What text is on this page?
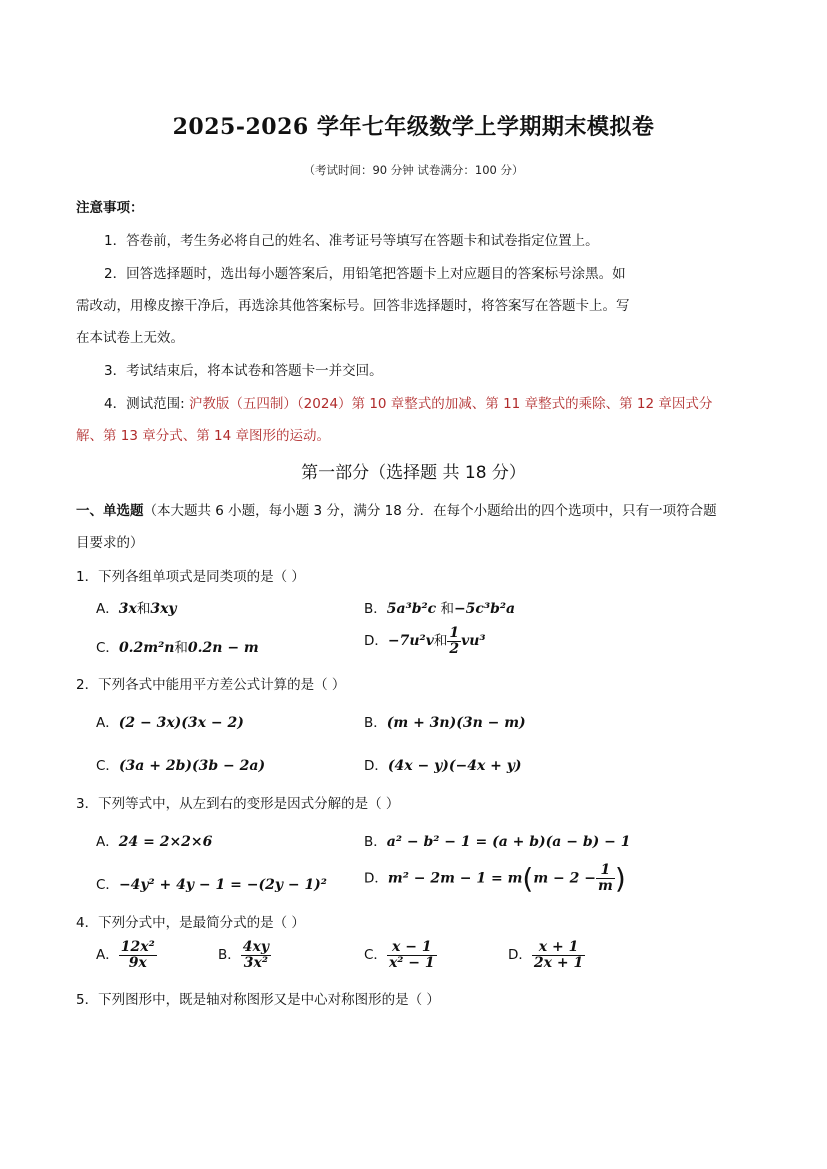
2025-2026 学年七年级数学上学期期末模拟卷
（考试时间：90 分钟 试卷满分：100 分）
注意事项：
1．答卷前，考生务必将自己的姓名、准考证号等填写在答题卡和试卷指定位置上。
2．回答选择题时，选出每小题答案后，用铅笔把答题卡上对应题目的答案标号涂黑。如
需改动，用橡皮擦干净后，再选涂其他答案标号。回答非选择题时，将答案写在答题卡上。写
在本试卷上无效。
3．考试结束后，将本试卷和答题卡一并交回。
4．测试范围: 沪教版（五四制）（2024）第 10 章整式的加减、第 11 章整式的乘除、第 12 章因式分
解、第 13 章分式、第 14 章图形的运动。
第一部分（选择题 共 18 分）
一、单选题（本大题共 6 小题，每小题 3 分，满分 18 分．在每个小题给出的四个选项中，只有一项符合题
目要求的）
1．下列各组单项式是同类项的是（ ）
A．3x和3xy	B．5a³b²c 和−5c³b²a
C．0.2m²n和0.2n − m	D．−7u²v和 $\frac{1}{2} vu^3$
2．下列各式中能用平方差公式计算的是（ ）
A．(2 − 3x)(3x − 2)	B．(m + 3n)(3n − m)
C．(3a + 2b)(3b − 2a)	D．(4x − y)(−4x + y)
3．下列等式中，从左到右的变形是因式分解的是（ ）
A．24 = 2×2×6	B．a² − b² − 1 = (a + b)(a − b) − 1
C．−4y² + 4y − 1 = −(2y − 1)²	D．$m^2 - 2m - 1 = m(m - 2 - \frac{1}{m}$ )
4．下列分式中，是最简分式的是（ ）
A． $\frac{\text{12x²}}{9x}$	B． $\frac{4xy}{\text{3x²}}$	C． $\frac{x - 1}{\text{x² − 1}}$	D． $\frac{x + 1}{2x + 1}$
5．下列图形中，既是轴对称图形又是中心对称图形的是（ ）
